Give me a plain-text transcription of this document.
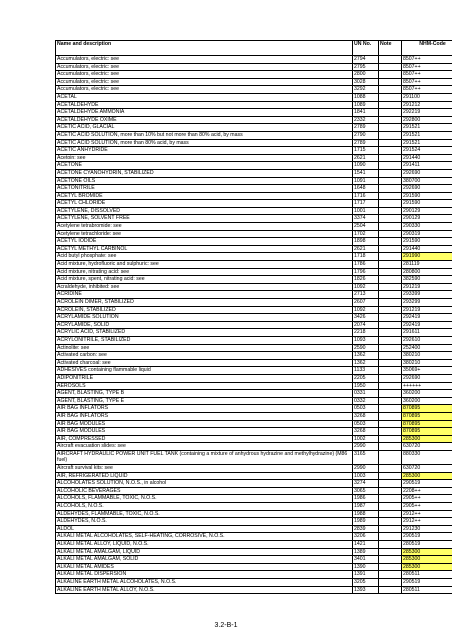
Name and description	UN No.	Note	NHM-Code
Accumulators, electric: see	2794		8507++
Accumulators, electric: see	2795		8507++
Accumulators, electric: see	2800		8507++
Accumulators, electric: see	3028		8507++
Accumulators, electric: see	3292		8507++
ACETAL	1088		291100
ACETALDEHYDE	1089		291212
ACETALDEHYDE AMMONIA	1841		292219
ACETALDEHYDE OXIME	2332		292800
ACETIC ACID, GLACIAL	2789		291521
ACETIC ACID SOLUTION, more than 10% but not more than 80% acid, by mass	2790		291521
ACETIC ACID SOLUTION, more than 80% acid, by mass	2789		291521
ACETIC ANHYDRIDE	1715		291524
Acetoin: see	2621		291440
ACETONE	1090		291411
ACETONE CYANOHYDRIN, STABILIZED	1541		292690
ACETONE OILS	1091		380700
ACETONITRILE	1648		292690
ACETYL BROMIDE	1716		291590
ACETYL CHLORIDE	1717		291590
ACETYLENE, DISSOLVED	1001		290129
ACETYLENE, SOLVENT FREE	3374		290129
Acetylene tetrabromide: see	2504		290330
Acetylene tetrachloride: see	1702		290319
ACETYL IODIDE	1898		291590
ACETYL METHYL CARBINOL	2621		291440
Acid butyl phosphate: see	1718		291990
Acid mixture, hydrofluoric and sulphuric: see	1786		281119
Acid mixture, nitrating acid: see	1796		280800
Acid mixture, spent, nitrating acid: see	1826		382590
Acraldehyde, inhibited: see	1092		291219
ACRIDINE	2713		293399
ACROLEIN DIMER, STABILIZED	2607		293299
ACROLEIN, STABILIZED	1092		291219
ACRYLAMIDE SOLUTION	3426		292419
ACRYLAMIDE, SOLID	2074		292419
ACRYLIC ACID, STABILIZED	2218		291611
ACRYLONITRILE, STABILIZED	1093		292610
Actinolite: see	2590		252400
Activated carbon: see	1362		380210
Activated charcoal: see	1362		380210
ADHESIVES containing flammable liquid	1133		35069+
ADIPONITRILE	2205		292690
AEROSOLS	1950		++++++
AGENT, BLASTING, TYPE B	0331		360200
AGENT, BLASTING, TYPE E	0332		360200
AIR BAG INFLATORS	0503		870895
AIR BAG INFLATORS	3268		870895
AIR BAG MODULES	0503		870895
AIR BAG MODULES	3268		870895
AIR, COMPRESSED	1002		285300
Aircraft evacuation slides: see	2990		630720
AIRCRAFT HYDRAULIC POWER UNIT FUEL TANK (containing a mixture of anhydrous hydrazine and methylhydrazine) (M86 fuel)	3165		880330
Aircraft survival kits: see	2990		630720
AIR, REFRIGERATED LIQUID	1003		285300
ALCOHOLATES SOLUTION, N.O.S., in alcohol	3274		290519
ALCOHOLIC BEVERAGES	3065		2208++
ALCOHOLS, FLAMMABLE, TOXIC, N.O.S.	1986		2905++
ALCOHOLS, N.O.S.	1987		2905++
ALDEHYDES, FLAMMABLE, TOXIC, N.O.S.	1988		2912++
ALDEHYDES, N.O.S.	1989		2912++
ALDOL	2839		291230
ALKALI METAL ALCOHOLATES, SELF-HEATING, CORROSIVE, N.O.S.	3206		290519
ALKALI METAL ALLOY, LIQUID, N.O.S.	1421		280519
ALKALI METAL AMALGAM, LIQUID	1389		285300
ALKALI METAL AMALGAM, SOLID	3401		285300
ALKALI METAL AMIDES	1390		285300
ALKALI METAL DISPERSION	1391		280511
ALKALINE EARTH METAL ALCOHOLATES, N.O.S.	3205		290519
ALKALINE EARTH METAL ALLOY, N.O.S.	1393		280511
3.2-B-1
